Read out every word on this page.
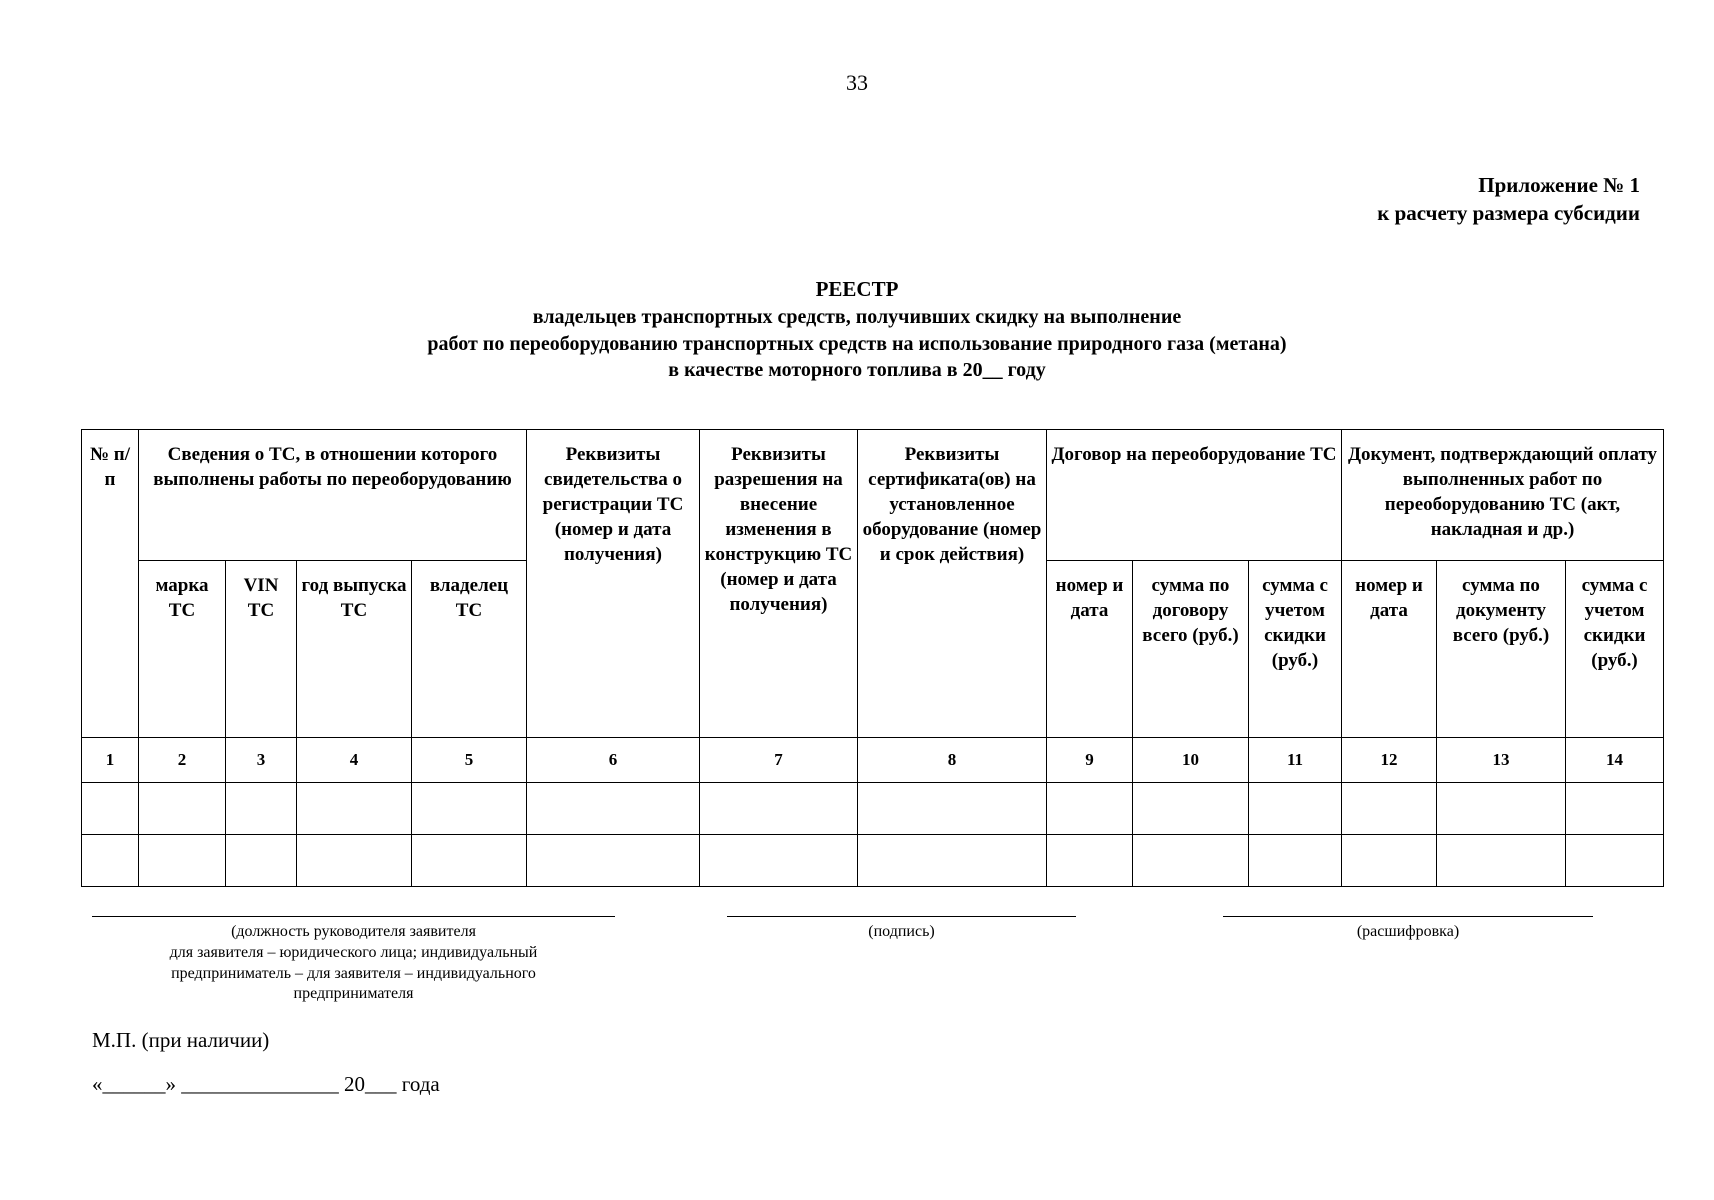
33
Приложение № 1
к расчету размера субсидии
РЕЕСТР
владельцев транспортных средств, получивших скидку на выполнение
работ по переоборудованию транспортных средств на использование природного газа (метана)
в качестве моторного топлива в 20__ году
№ п/п	Сведения о ТС, в отношении которого выполнены работы по переоборудованию				Реквизиты свидетельства о регистрации ТС (номер и дата получения)	Реквизиты разрешения на внесение изменения в конструкцию ТС (номер и дата получения)	Реквизиты сертификата(ов) на установленное оборудование (номер и срок действия)	Договор на переоборудование ТС			Документ, подтверждающий оплату выполненных работ по переоборудованию ТС (акт, накладная и др.)		
	марка ТС	VIN ТС	год выпуска ТС	владелец ТС				номер и дата	сумма по договору всего (руб.)	сумма с учетом скидки (руб.)	номер и дата	сумма по документу всего (руб.)	сумма с учетом скидки (руб.)
1	2	3	4	5	6	7	8	9	10	11	12	13	14

(должность руководителя заявителя
для заявителя – юридического лица; индивидуальный
предприниматель – для заявителя – индивидуального
предпринимателя
(подпись)	(расшифровка)
М.П. (при наличии)
«______» _______________ 20___ года
